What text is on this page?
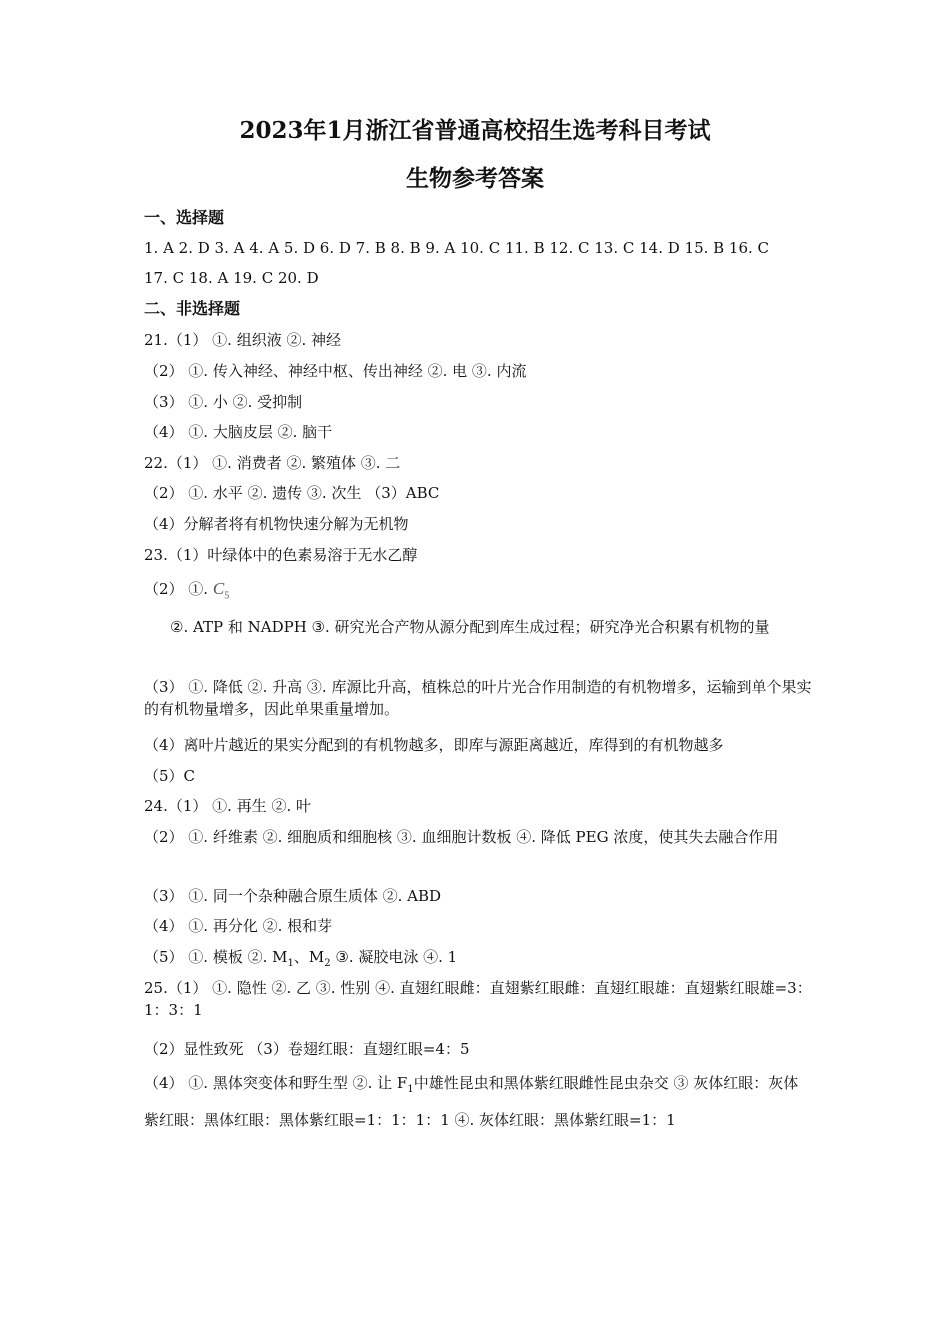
2023年1月浙江省普通高校招生选考科目考试
生物参考答案
一、选择题
1. A 2. D 3. A 4. A 5. D 6. D 7. B 8. B 9. A 10. C 11. B 12. C 13. C 14. D 15. B 16. C
17. C 18. A 19. C 20. D
二、非选择题
21.（1） ①. 组织液 ②. 神经
（2） ①. 传入神经、神经中枢、传出神经 ②. 电 ③. 内流
（3） ①. 小 ②. 受抑制
（4） ①. 大脑皮层 ②. 脑干
22.（1） ①. 消费者 ②. 繁殖体 ③. 二
（2） ①. 水平 ②. 遗传 ③. 次生 （3）ABC
（4）分解者将有机物快速分解为无机物
23.（1）叶绿体中的色素易溶于无水乙醇
（2） ①. $C_5$
②. ATP 和 NADPH ③. 研究光合产物从源分配到库生成过程；研究净光合积累有机物的量
（3） ①. 降低 ②. 升高 ③. 库源比升高，植株总的叶片光合作用制造的有机物增多，运输到单个果实的有机物量增多，因此单果重量增加。
（4）离叶片越近的果实分配到的有机物越多，即库与源距离越近，库得到的有机物越多
（5）C
24.（1） ①. 再生 ②. 叶
（2） ①. 纤维素 ②. 细胞质和细胞核 ③. 血细胞计数板 ④. 降低 PEG 浓度，使其失去融合作用
（3） ①. 同一个杂种融合原生质体 ②. ABD
（4） ①. 再分化 ②. 根和芽
（5） ①. 模板 ②. $M_1$、$M_2$ ③. 凝胶电泳 ④. 1
25.（1） ①. 隐性 ②. 乙 ③. 性别 ④. 直翅红眼雌：直翅紫红眼雌：直翅红眼雄：直翅紫红眼雄=3：1：3：1
（2）显性致死 （3）卷翅红眼：直翅红眼=4：5
（4） ①. 黑体突变体和野生型 ②. 让 $F_1$中雄性昆虫和黑体紫红眼雌性昆虫杂交 ③ 灰体红眼：灰体紫红眼：黑体红眼：黑体紫红眼=1：1：1：1 ④. 灰体红眼：黑体紫红眼=1：1
